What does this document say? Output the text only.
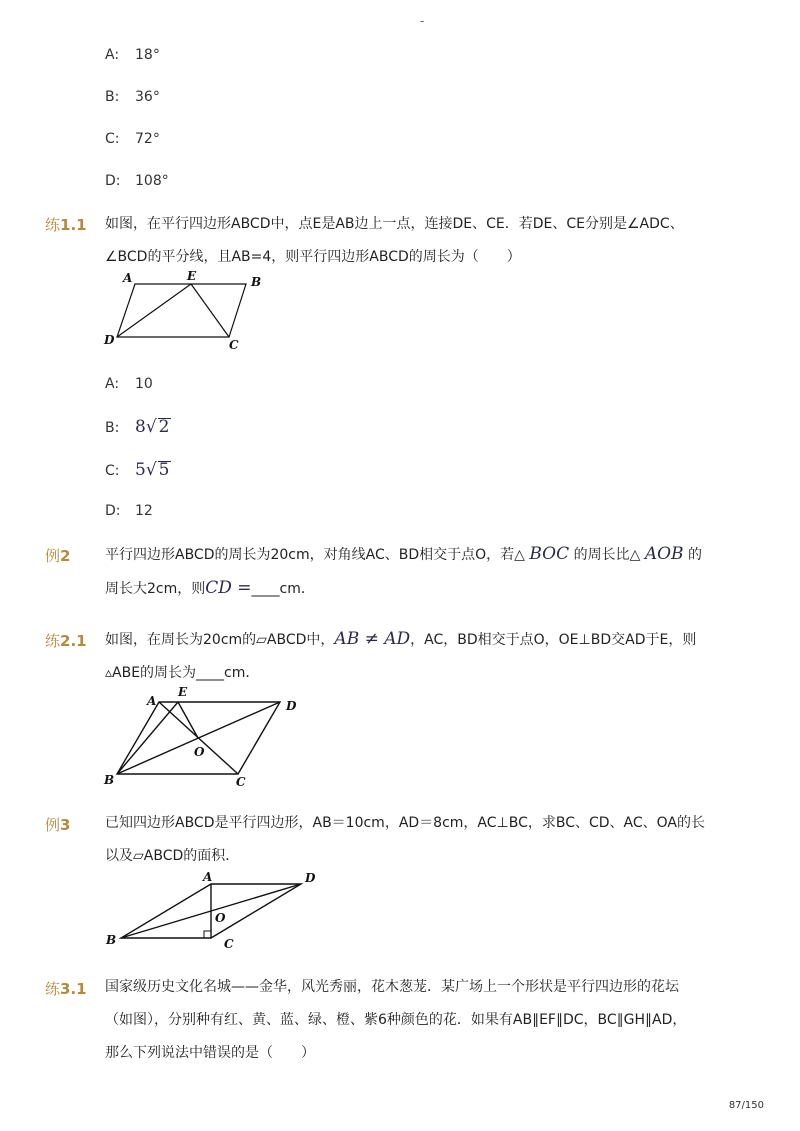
-
A: 18°
B: 36°
C: 72°
D: 108°
练1.1 如图，在平行四边形ABCD中，点E是AB边上一点，连接DE、CE．若DE、CE分别是∠ADC、
∠BCD的平分线，且AB=4，则平行四边形ABCD的周长为（　　）
A	E	B
D	C
A: 10
B: 8√ 2
C: 5√ 5
D: 12
例2 平行四边形ABCD的周长为20cm，对角线AC、BD相交于点O，若△ BOC 的周长比△ AOB 的
周长大2cm，则CD =____cm．
练2.1 如图，在周长为20cm的▱ABCD中，AB ≠ AD，AC，BD相交于点O，OE⊥BD交AD于E，则
▵ABE的周长为____cm．
A
E
D
O
B	C
例3 已知四边形ABCD是平行四边形，AB＝10cm，AD＝8cm，AC⊥BC，求BC、CD、AC、OA的长
以及▱ABCD的面积．
A	D
O
B	C
练3.1 国家级历史文化名城——金华，风光秀丽，花木葱茏．某广场上一个形状是平行四边形的花坛
（如图），分别种有红、黄、蓝、绿、橙、紫6种颜色的花．如果有AB∥EF∥DC，BC∥GH∥AD，
那么下列说法中错误的是（　　）
87/150
